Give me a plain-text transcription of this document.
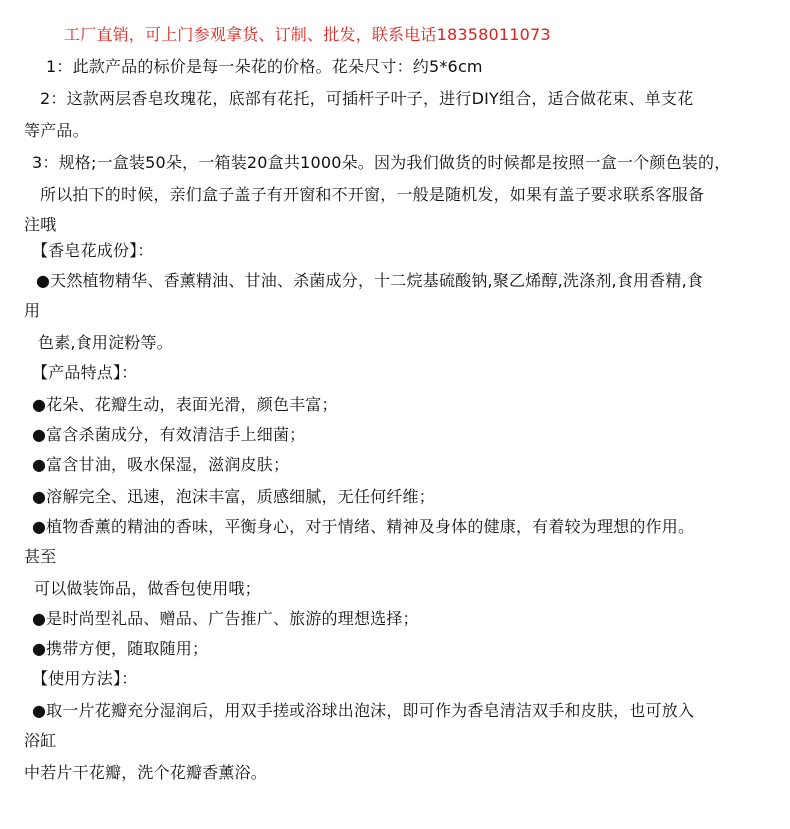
工厂直销，可上门参观拿货、订制、批发，联系电话18358011073
1：此款产品的标价是每一朵花的价格。花朵尺寸：约5*6cm
2：这款两层香皂玫瑰花，底部有花托，可插杆子叶子，进行DIY组合，适合做花束、单支花
等产品。
3：规格;一盒装50朵，一箱装20盒共1000朵。因为我们做货的时候都是按照一盒一个颜色装的，
所以拍下的时候，亲们盒子盖子有开窗和不开窗，一般是随机发，如果有盖子要求联系客服备
注哦
【香皂花成份】：
●天然植物精华、香薰精油、甘油、杀菌成分，十二烷基硫酸钠,聚乙烯醇,洗涤剂,食用香精,食
用
色素,食用淀粉等。
【产品特点】：
●花朵、花瓣生动，表面光滑，颜色丰富；
●富含杀菌成分，有效清洁手上细菌；
●富含甘油，吸水保湿，滋润皮肤；
●溶解完全、迅速，泡沫丰富，质感细腻，无任何纤维；
●植物香薰的精油的香味，平衡身心，对于情绪、精神及身体的健康，有着较为理想的作用。
甚至
可以做装饰品，做香包使用哦；
●是时尚型礼品、赠品、广告推广、旅游的理想选择；
●携带方便，随取随用；
【使用方法】：
●取一片花瓣充分湿润后，用双手搓或浴球出泡沫，即可作为香皂清洁双手和皮肤，也可放入
浴缸
中若片干花瓣，洗个花瓣香薰浴。
